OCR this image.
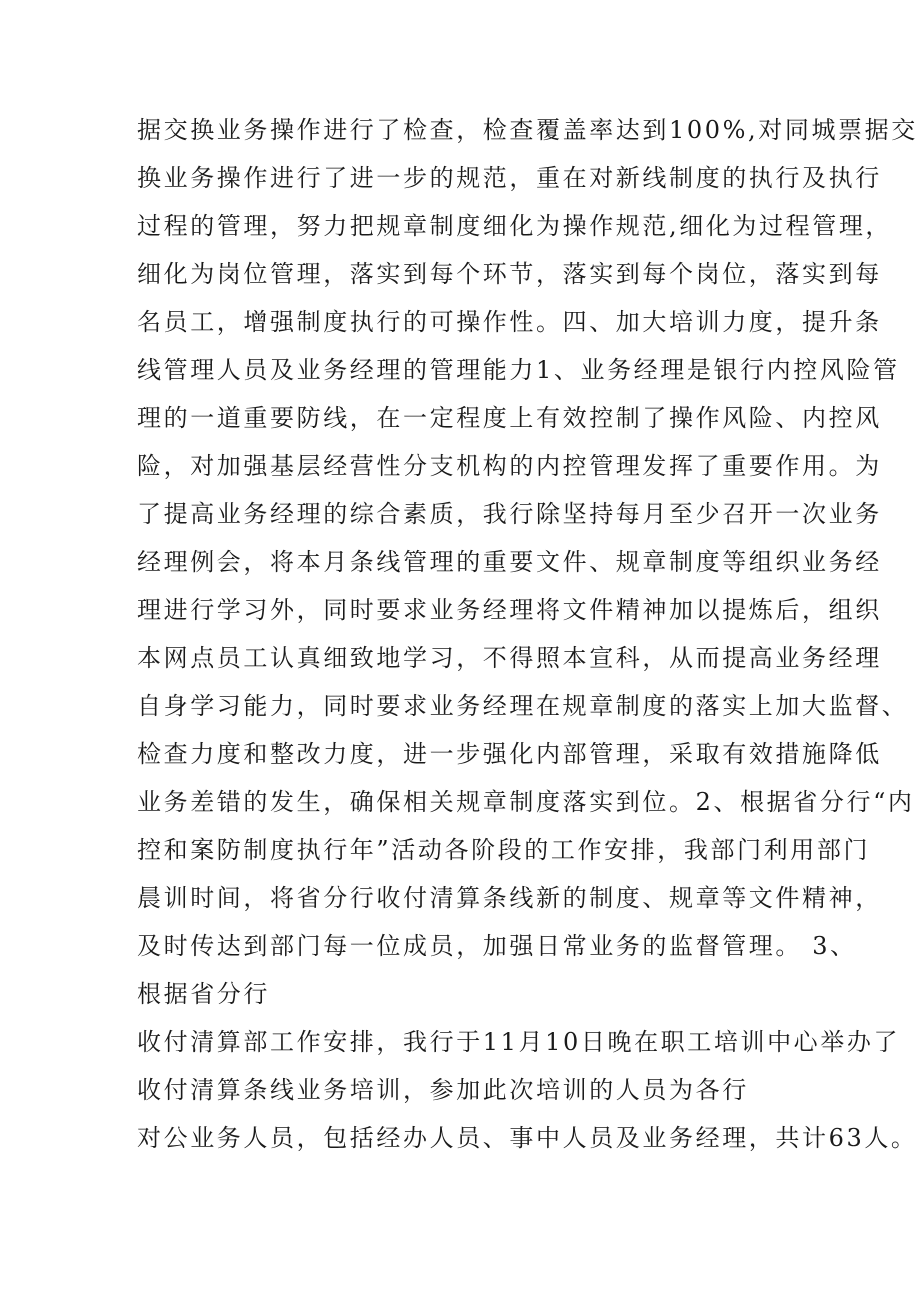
据交换业务操作进行了检查，检查覆盖率达到100%,对同城票据交

换业务操作进行了进一步的规范，重在对新线制度的执行及执行

过程的管理，努力把规章制度细化为操作规范,细化为过程管理，

细化为岗位管理，落实到每个环节，落实到每个岗位，落实到每

名员工，增强制度执行的可操作性。四、加大培训力度，提升条

线管理人员及业务经理的管理能力1、业务经理是银行内控风险管

理的一道重要防线，在一定程度上有效控制了操作风险、内控风

险，对加强基层经营性分支机构的内控管理发挥了重要作用。为

了提高业务经理的综合素质，我行除坚持每月至少召开一次业务

经理例会，将本月条线管理的重要文件、规章制度等组织业务经

理进行学习外，同时要求业务经理将文件精神加以提炼后，组织

本网点员工认真细致地学习，不得照本宣科，从而提高业务经理

自身学习能力，同时要求业务经理在规章制度的落实上加大监督、

检查力度和整改力度，进一步强化内部管理，采取有效措施降低

业务差错的发生，确保相关规章制度落实到位。2、根据省分行“内

控和案防制度执行年”活动各阶段的工作安排，我部门利用部门

晨训时间，将省分行收付清算条线新的制度、规章等文件精神，

及时传达到部门每一位成员，加强日常业务的监督管理。 3、

根据省分行

收付清算部工作安排，我行于11月10日晚在职工培训中心举办了

收付清算条线业务培训，参加此次培训的人员为各行

对公业务人员，包括经办人员、事中人员及业务经理，共计63人。
